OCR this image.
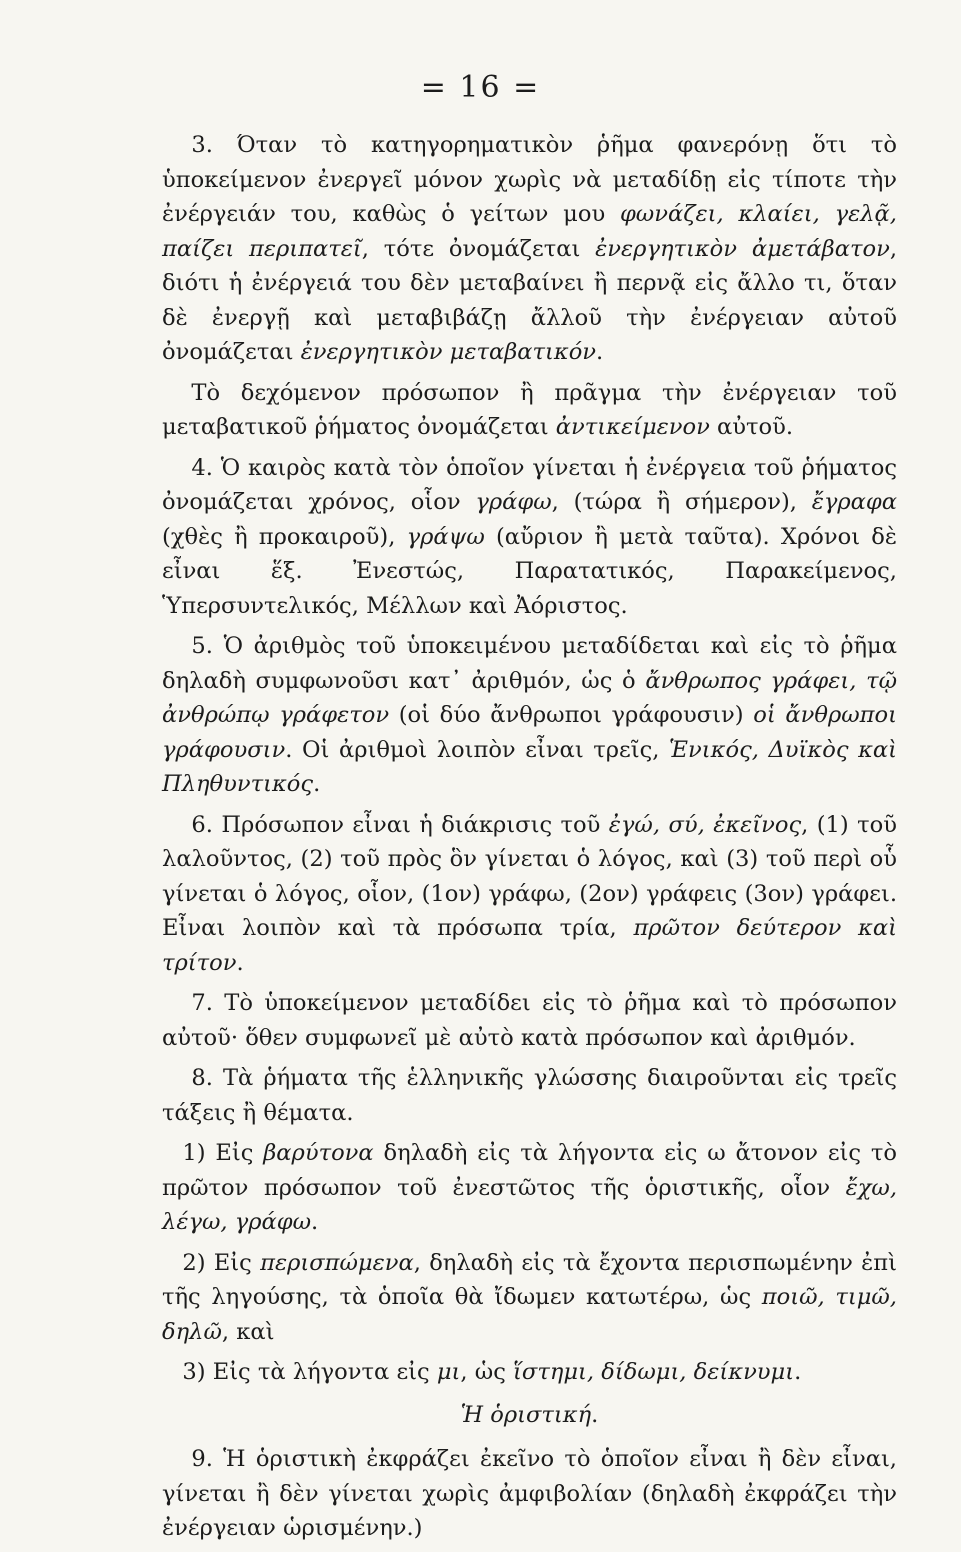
= 16 =

3. Όταν τὸ κατηγορηματικὸν ῥῆμα φανερόνῃ ὅτι τὸ ὑποκείμενον ἐνεργεῖ μόνον χωρὶς νὰ μεταδίδῃ εἰς τίποτε τὴν ἐνέργειάν του, καθὼς ὁ γείτων μου φωνάζει, κλαίει, γελᾷ, παίζει περιπατεῖ, τότε ὀνομάζεται ἐνεργητικὸν ἀμετάβατον, διότι ἡ ἐνέργειά του δὲν μεταβαίνει ἢ περνᾷ εἰς ἄλλο τι, ὅταν δὲ ἐνεργῇ καὶ μεταβιβάζῃ ἄλλοῦ τὴν ἐνέργειαν αὐτοῦ ὀνομάζεται ἐνεργητικὸν μεταβατικόν.

Τὸ δεχόμενον πρόσωπον ἢ πρᾶγμα τὴν ἐνέργειαν τοῦ μεταβατικοῦ ῥήματος ὀνομάζεται ἀντικείμενον αὐτοῦ.

4. Ὁ καιρὸς κατὰ τὸν ὁποῖον γίνεται ἡ ἐνέργεια τοῦ ῥήματος ὀνομάζεται χρόνος, οἷον γράφω, (τώρα ἢ σήμερον), ἔγραφα (χθὲς ἢ προκαιροῦ), γράψω (αὔριον ἢ μετὰ ταῦτα). Χρόνοι δὲ εἶναι ἕξ. Ἐνεστώς, Παρατατικός, Παρακείμενος, Ὑπερσυντελικός, Μέλλων καὶ Ἀόριστος.

5. Ὁ ἀριθμὸς τοῦ ὑποκειμένου μεταδίδεται καὶ εἰς τὸ ῥῆμα δηλαδὴ συμφωνοῦσι κατ᾽ ἀριθμόν, ὡς ὁ ἄνθρωπος γράφει, τῷ ἀνθρώπῳ γράφετον (οἱ δύο ἄνθρωποι γράφουσιν) οἱ ἄνθρωποι γράφουσιν. Οἱ ἀριθμοὶ λοιπὸν εἶναι τρεῖς, Ἑνικός, Δυϊκὸς καὶ Πληθυντικός.

6. Πρόσωπον εἶναι ἡ διάκρισις τοῦ ἐγώ, σύ, ἐκεῖνος, (1) τοῦ λαλοῦντος, (2) τοῦ πρὸς ὃν γίνεται ὁ λόγος, καὶ (3) τοῦ περὶ οὗ γίνεται ὁ λόγος, οἷον, (1ον) γράφω, (2ον) γράφεις (3ον) γράφει. Εἶναι λοιπὸν καὶ τὰ πρόσωπα τρία, πρῶτον δεύτερον καὶ τρίτον.

7. Τὸ ὑποκείμενον μεταδίδει εἰς τὸ ῥῆμα καὶ τὸ πρόσωπον αὐτοῦ· ὅθεν συμφωνεῖ μὲ αὐτὸ κατὰ πρόσωπον καὶ ἀριθμόν.

8. Τὰ ῥήματα τῆς ἑλληνικῆς γλώσσης διαιροῦνται εἰς τρεῖς τάξεις ἢ θέματα.

1) Εἰς βαρύτονα δηλαδὴ εἰς τὰ λήγοντα εἰς ω ἄτονον εἰς τὸ πρῶτον πρόσωπον τοῦ ἐνεστῶτος τῆς ὁριστικῆς, οἷον ἔχω, λέγω, γράφω.

2) Εἰς περισπώμενα, δηλαδὴ εἰς τὰ ἔχοντα περισπωμένην ἐπὶ τῆς ληγούσης, τὰ ὁποῖα θὰ ἴδωμεν κατωτέρω, ὡς ποιῶ, τιμῶ, δηλῶ, καὶ

3) Εἰς τὰ λήγοντα εἰς μι, ὡς ἵστημι, δίδωμι, δείκνυμι.

Ἡ ὁριστική.

9. Ἡ ὁριστικὴ ἐκφράζει ἐκεῖνο τὸ ὁποῖον εἶναι ἢ δὲν εἶναι, γίνεται ἢ δὲν γίνεται χωρὶς ἀμφιβολίαν (δηλαδὴ ἐκφράζει τὴν ἐνέργειαν ὡρισμένην.)
